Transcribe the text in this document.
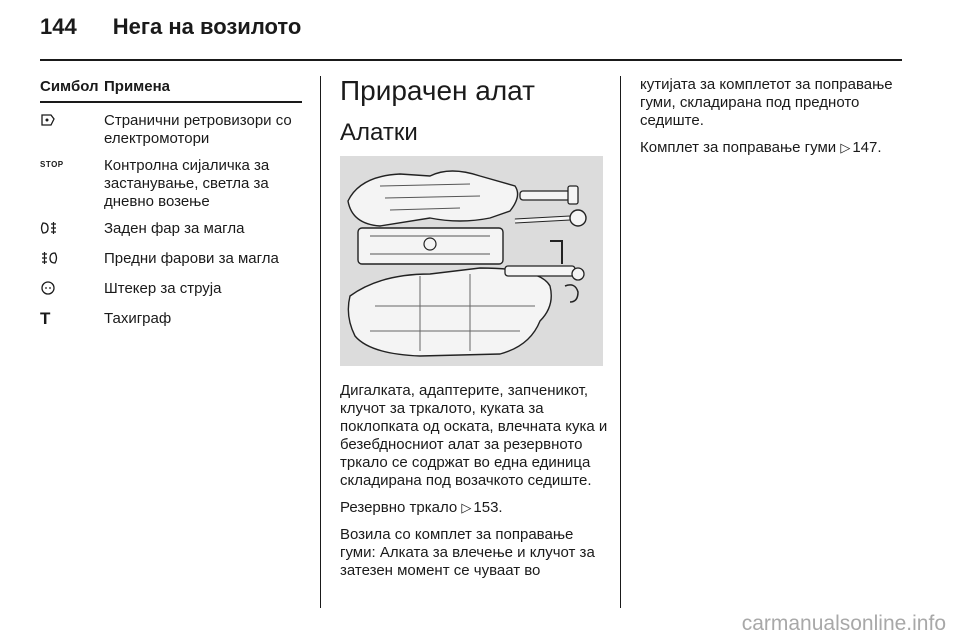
144 Нега на возилото
Симбол Примена
Странични ретровизори со електромотори
$^{STOP}$	Контролна сијаличка за застанување, светла за дневно возење
Заден фар за магла
Предни фарови за магла
Штекер за струја
T	Тахиграф
Прирачен алат
Алатки

Дигалката, адаптерите, запченикот, клучот за тркалото, куката за поклопката од оската, влечната кука и безебдносниот алат за резервното тркало се содржат во една единица складирана под возачкото седиште.

Резервно тркало ▷ 153.

Возила со комплет за поправање гуми: Алката за влечење и клучот за затезен момент се чуваат во

кутијата за комплетот за поправање гуми, складирана под предното седиште.

Комплет за поправање гуми ▷ 147.

carmanualsonline.info
